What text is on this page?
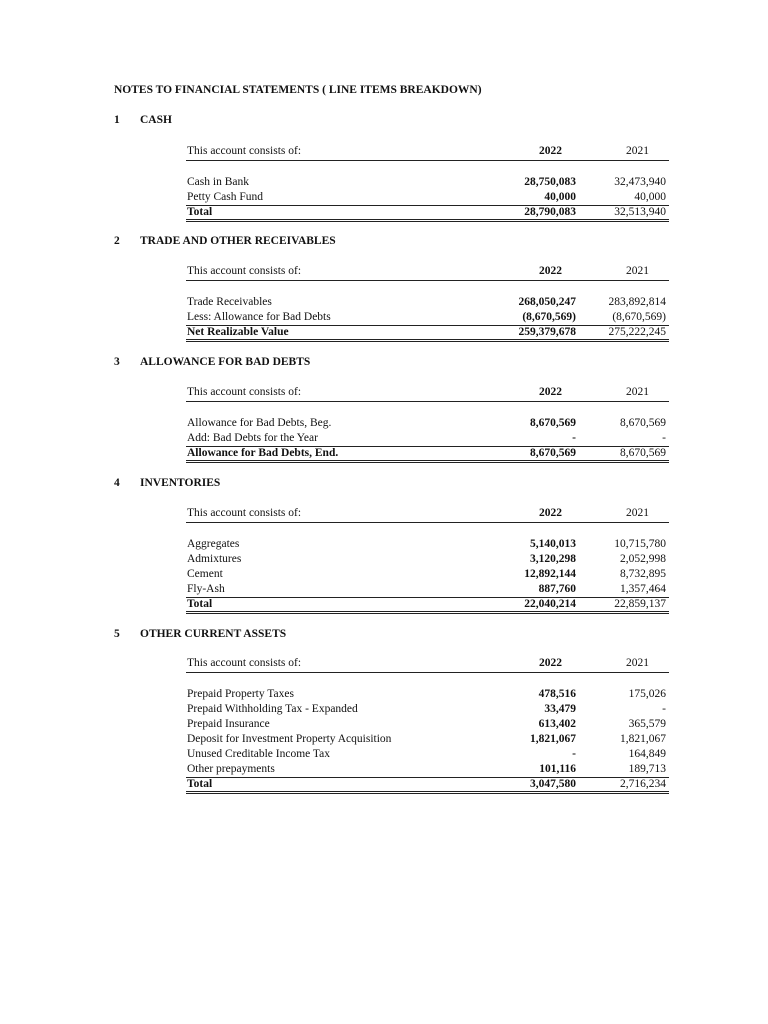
NOTES TO FINANCIAL STATEMENTS ( LINE ITEMS BREAKDOWN)
1 CASH
This account consists of:	2022	2021
Cash in Bank	28,750,083	32,473,940
Petty Cash Fund	40,000	40,000
Total	28,790,083	32,513,940
2 TRADE AND OTHER RECEIVABLES
This account consists of:	2022	2021
Trade Receivables	268,050,247	283,892,814
Less: Allowance for Bad Debts	(8,670,569)	(8,670,569)
Net Realizable Value	259,379,678	275,222,245
3 ALLOWANCE FOR BAD DEBTS
This account consists of:	2022	2021
Allowance for Bad Debts, Beg.	8,670,569	8,670,569
Add: Bad Debts for the Year	-	-
Allowance for Bad Debts, End.	8,670,569	8,670,569
4 INVENTORIES
This account consists of:	2022	2021
Aggregates	5,140,013	10,715,780
Admixtures	3,120,298	2,052,998
Cement	12,892,144	8,732,895
Fly-Ash	887,760	1,357,464
Total	22,040,214	22,859,137
5 OTHER CURRENT ASSETS
This account consists of:	2022	2021
Prepaid Property Taxes	478,516	175,026
Prepaid Withholding Tax - Expanded	33,479	-
Prepaid Insurance	613,402	365,579
Deposit for Investment Property Acquisition	1,821,067	1,821,067
Unused Creditable Income Tax	-	164,849
Other prepayments	101,116	189,713
Total	3,047,580	2,716,234
